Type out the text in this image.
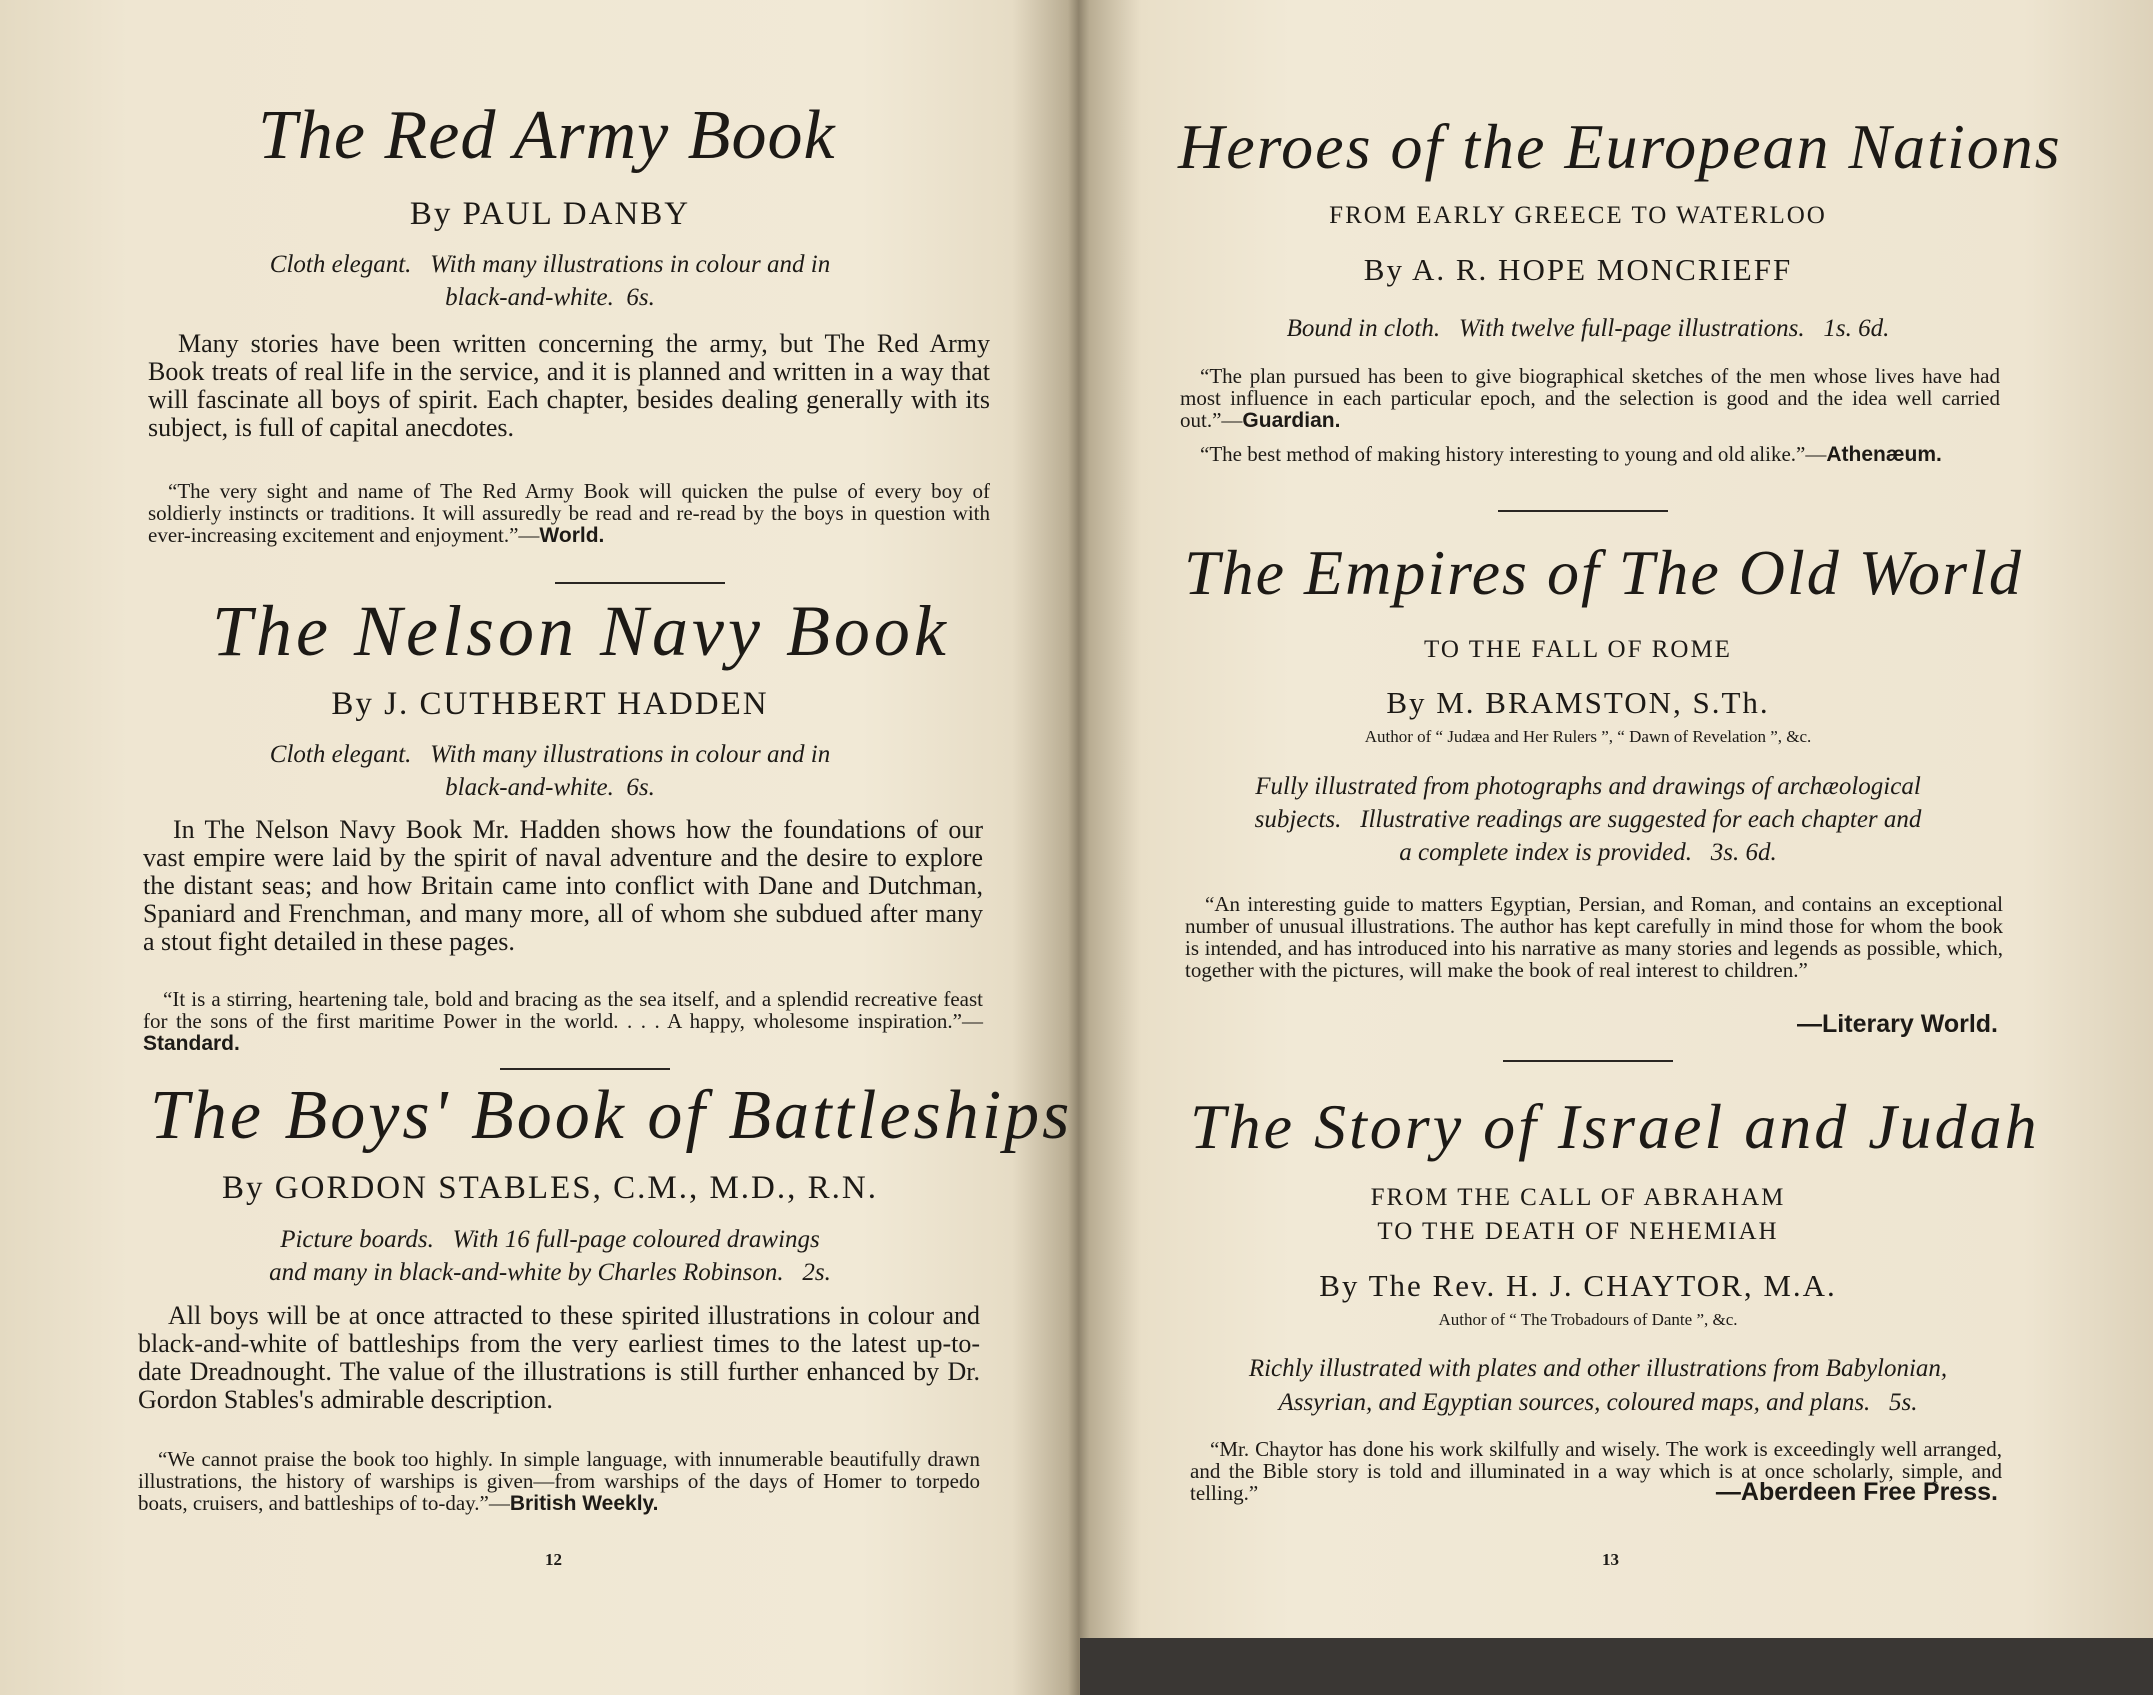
The Red Army Book
By PAUL DANBY
Cloth elegant.   With many illustrations in colour and in
black-and-white.  6s.
Many stories have been written concerning the army, but The Red Army Book treats of real life in the service, and it is planned and written in a way that will fascinate all boys of spirit. Each chapter, besides dealing generally with its subject, is full of capital anecdotes.
“The very sight and name of The Red Army Book will quicken the pulse of every boy of soldierly instincts or traditions. It will assuredly be read and re-read by the boys in question with ever-increasing excitement and enjoyment.”—World.
The Nelson Navy Book
By J. CUTHBERT HADDEN
Cloth elegant.   With many illustrations in colour and in
black-and-white.  6s.
In The Nelson Navy Book Mr. Hadden shows how the foundations of our vast empire were laid by the spirit of naval adventure and the desire to explore the distant seas; and how Britain came into conflict with Dane and Dutchman, Spaniard and Frenchman, and many more, all of whom she subdued after many a stout fight detailed in these pages.
“It is a stirring, heartening tale, bold and bracing as the sea itself, and a splendid recreative feast for the sons of the first maritime Power in the world. . . . A happy, wholesome inspiration.”—Standard.
The Boys' Book of Battleships
By GORDON STABLES, C.M., M.D., R.N.
Picture boards.   With 16 full-page coloured drawings
and many in black-and-white by Charles Robinson.   2s.
All boys will be at once attracted to these spirited illustrations in colour and black-and-white of battleships from the very earliest times to the latest up-to-date Dreadnought. The value of the illustrations is still further enhanced by Dr. Gordon Stables's admirable description.
“We cannot praise the book too highly. In simple language, with innumerable beautifully drawn illustrations, the history of warships is given—from warships of the days of Homer to torpedo boats, cruisers, and battleships of to-day.”—British Weekly.
12
Heroes of the European Nations
FROM EARLY GREECE TO WATERLOO
By A. R. HOPE MONCRIEFF
Bound in cloth.   With twelve full-page illustrations.   1s. 6d.
“The plan pursued has been to give biographical sketches of the men whose lives have had most influence in each particular epoch, and the selection is good and the idea well carried out.”—Guardian.
“The best method of making history interesting to young and old alike.”—Athenæum.
The Empires of The Old World
TO THE FALL OF ROME
By M. BRAMSTON, S.Th.
Author of “ Judæa and Her Rulers ”, “ Dawn of Revelation ”, &c.
Fully illustrated from photographs and drawings of archæological
subjects.   Illustrative readings are suggested for each chapter and
a complete index is provided.   3s. 6d.
“An interesting guide to matters Egyptian, Persian, and Roman, and contains an exceptional number of unusual illustrations. The author has kept carefully in mind those for whom the book is intended, and has introduced into his narrative as many stories and legends as possible, which, together with the pictures, will make the book of real interest to children.”
—Literary World.
The Story of Israel and Judah
FROM THE CALL OF ABRAHAM
TO THE DEATH OF NEHEMIAH
By The Rev. H. J. CHAYTOR, M.A.
Author of “ The Trobadours of Dante ”, &c.
Richly illustrated with plates and other illustrations from Babylonian,
Assyrian, and Egyptian sources, coloured maps, and plans.   5s.
“Mr. Chaytor has done his work skilfully and wisely. The work is exceedingly well arranged, and the Bible story is told and illuminated in a way which is at once scholarly, simple, and telling.”	—Aberdeen Free Press.
13
